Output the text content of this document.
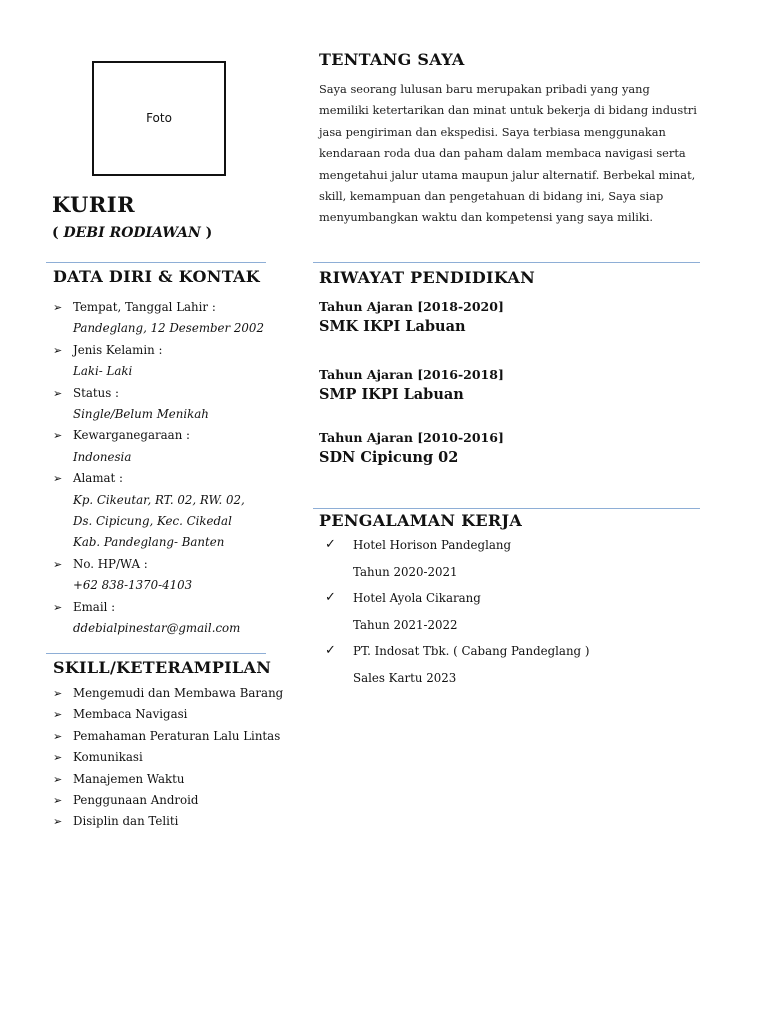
Foto
KURIR
( DEBI RODIAWAN )
TENTANG SAYA
Saya seorang lulusan baru merupakan pribadi yang yang memiliki ketertarikan dan minat untuk bekerja di bidang industri jasa pengiriman dan ekspedisi. Saya terbiasa menggunakan kendaraan roda dua dan paham dalam membaca navigasi serta mengetahui jalur utama maupun jalur alternatif. Berbekal minat, skill, kemampuan dan pengetahuan di bidang ini, Saya siap menyumbangkan waktu dan kompetensi yang saya miliki.
DATA DIRI & KONTAK
➢ Tempat, Tanggal Lahir :
Pandeglang, 12 Desember 2002
➢ Jenis Kelamin :
Laki- Laki
➢ Status :
Single/Belum Menikah
➢ Kewarganegaraan :
Indonesia
➢ Alamat :
Kp. Cikeutar, RT. 02, RW. 02,
Ds. Cipicung, Kec. Cikedal
Kab. Pandeglang- Banten
➢ No. HP/WA :
+62 838-1370-4103
➢ Email :
ddebialpinestar@gmail.com
SKILL/KETERAMPILAN
➢ Mengemudi dan Membawa Barang
➢ Membaca Navigasi
➢ Pemahaman Peraturan Lalu Lintas
➢ Komunikasi
➢ Manajemen Waktu
➢ Penggunaan Android
➢ Disiplin dan Teliti
RIWAYAT PENDIDIKAN
Tahun Ajaran [2018-2020]
SMK IKPI Labuan
Tahun Ajaran [2016-2018]
SMP IKPI Labuan
Tahun Ajaran [2010-2016]
SDN Cipicung 02
PENGALAMAN KERJA
✓ Hotel Horison Pandeglang
Tahun 2020-2021
✓ Hotel Ayola Cikarang
Tahun 2021-2022
✓ PT. Indosat Tbk. ( Cabang Pandeglang )
Sales Kartu 2023
